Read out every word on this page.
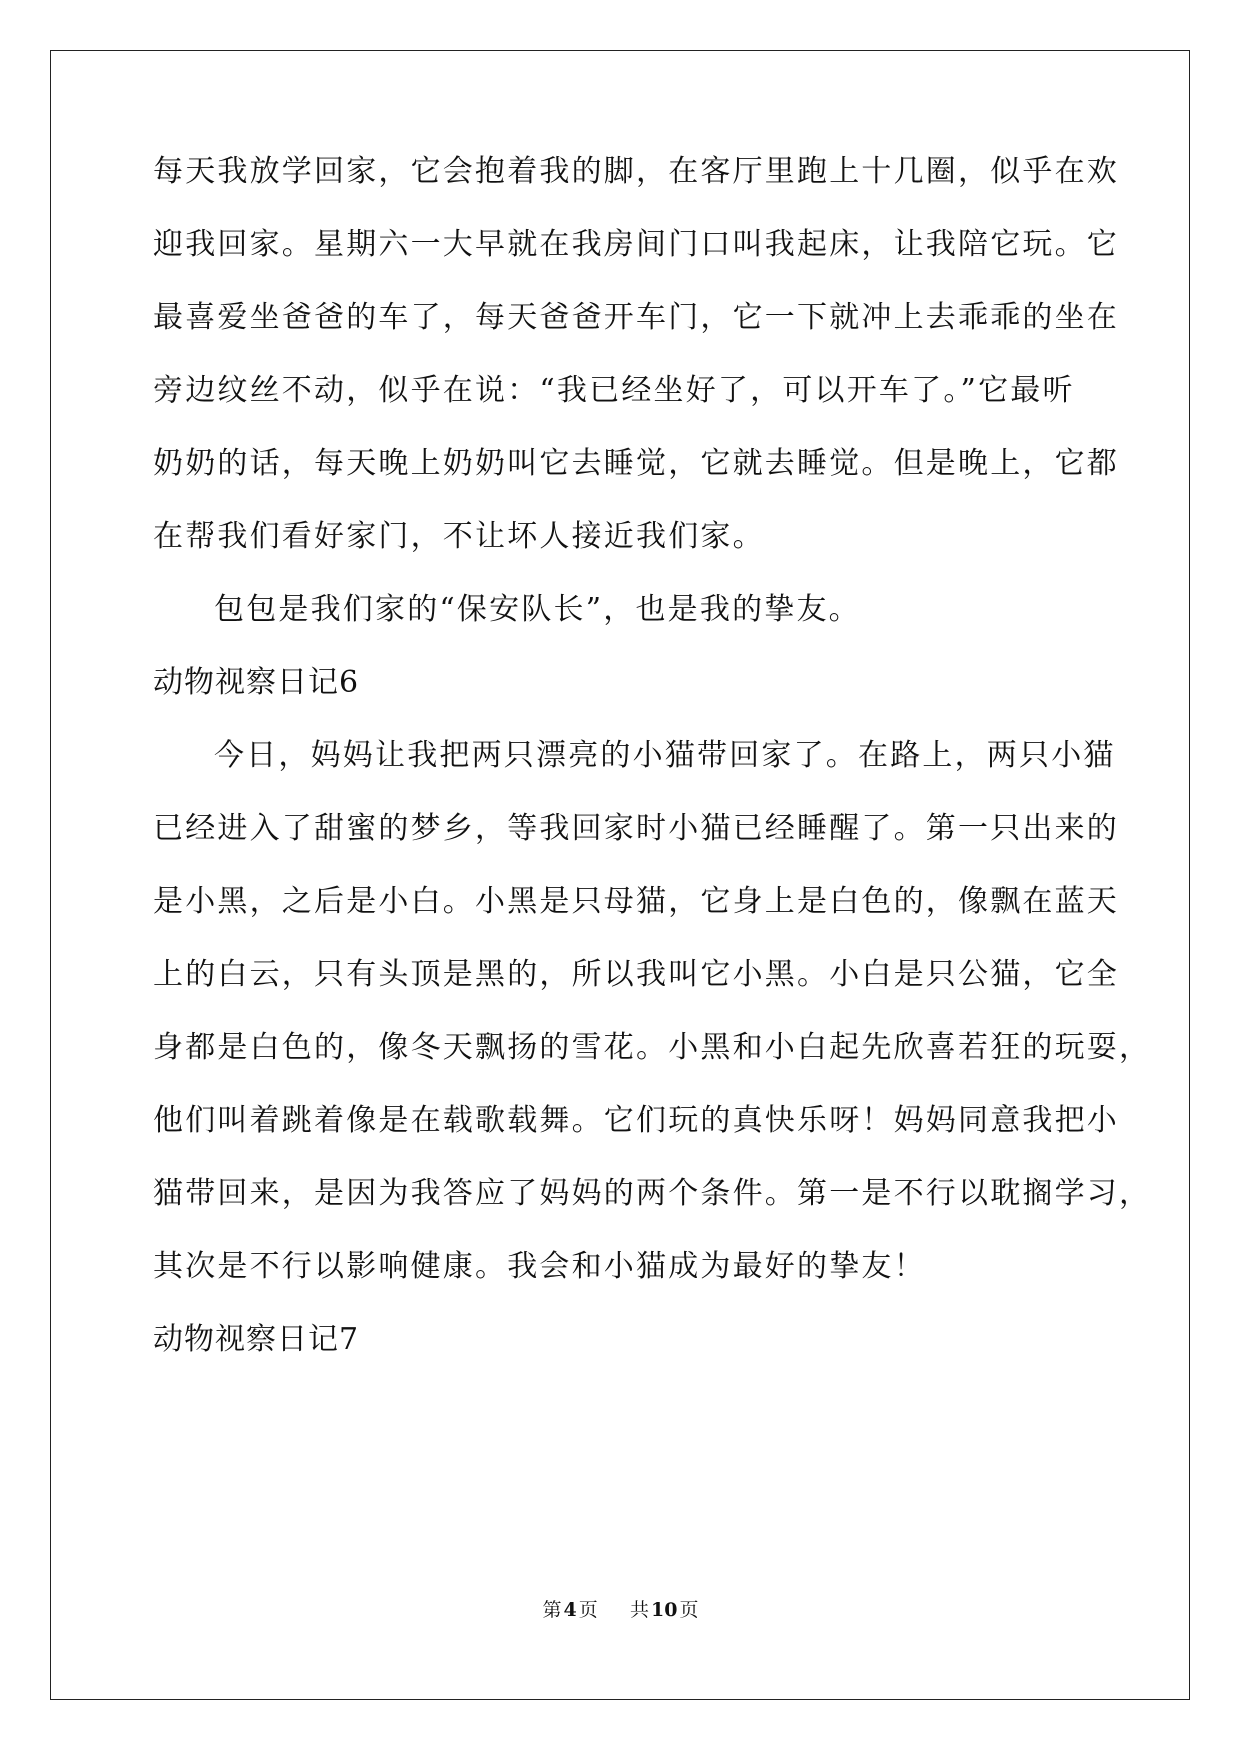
每天我放学回家，它会抱着我的脚，在客厅里跑上十几圈，似乎在欢
迎我回家。星期六一大早就在我房间门口叫我起床，让我陪它玩。它
最喜爱坐爸爸的车了，每天爸爸开车门，它一下就冲上去乖乖的坐在
旁边纹丝不动，似乎在说：“我已经坐好了，可以开车了。”它最听
奶奶的话，每天晚上奶奶叫它去睡觉，它就去睡觉。但是晚上，它都
在帮我们看好家门，不让坏人接近我们家。
包包是我们家的“保安队长”，也是我的挚友。
动物视察日记6
今日，妈妈让我把两只漂亮的小猫带回家了。在路上，两只小猫
已经进入了甜蜜的梦乡，等我回家时小猫已经睡醒了。第一只出来的
是小黑，之后是小白。小黑是只母猫，它身上是白色的，像飘在蓝天
上的白云，只有头顶是黑的，所以我叫它小黑。小白是只公猫，它全
身都是白色的，像冬天飘扬的雪花。小黑和小白起先欣喜若狂的玩耍，
他们叫着跳着像是在载歌载舞。它们玩的真快乐呀！妈妈同意我把小
猫带回来，是因为我答应了妈妈的两个条件。第一是不行以耽搁学习，
其次是不行以影响健康。我会和小猫成为最好的挚友！
动物视察日记7
第 4 页 共 10 页
